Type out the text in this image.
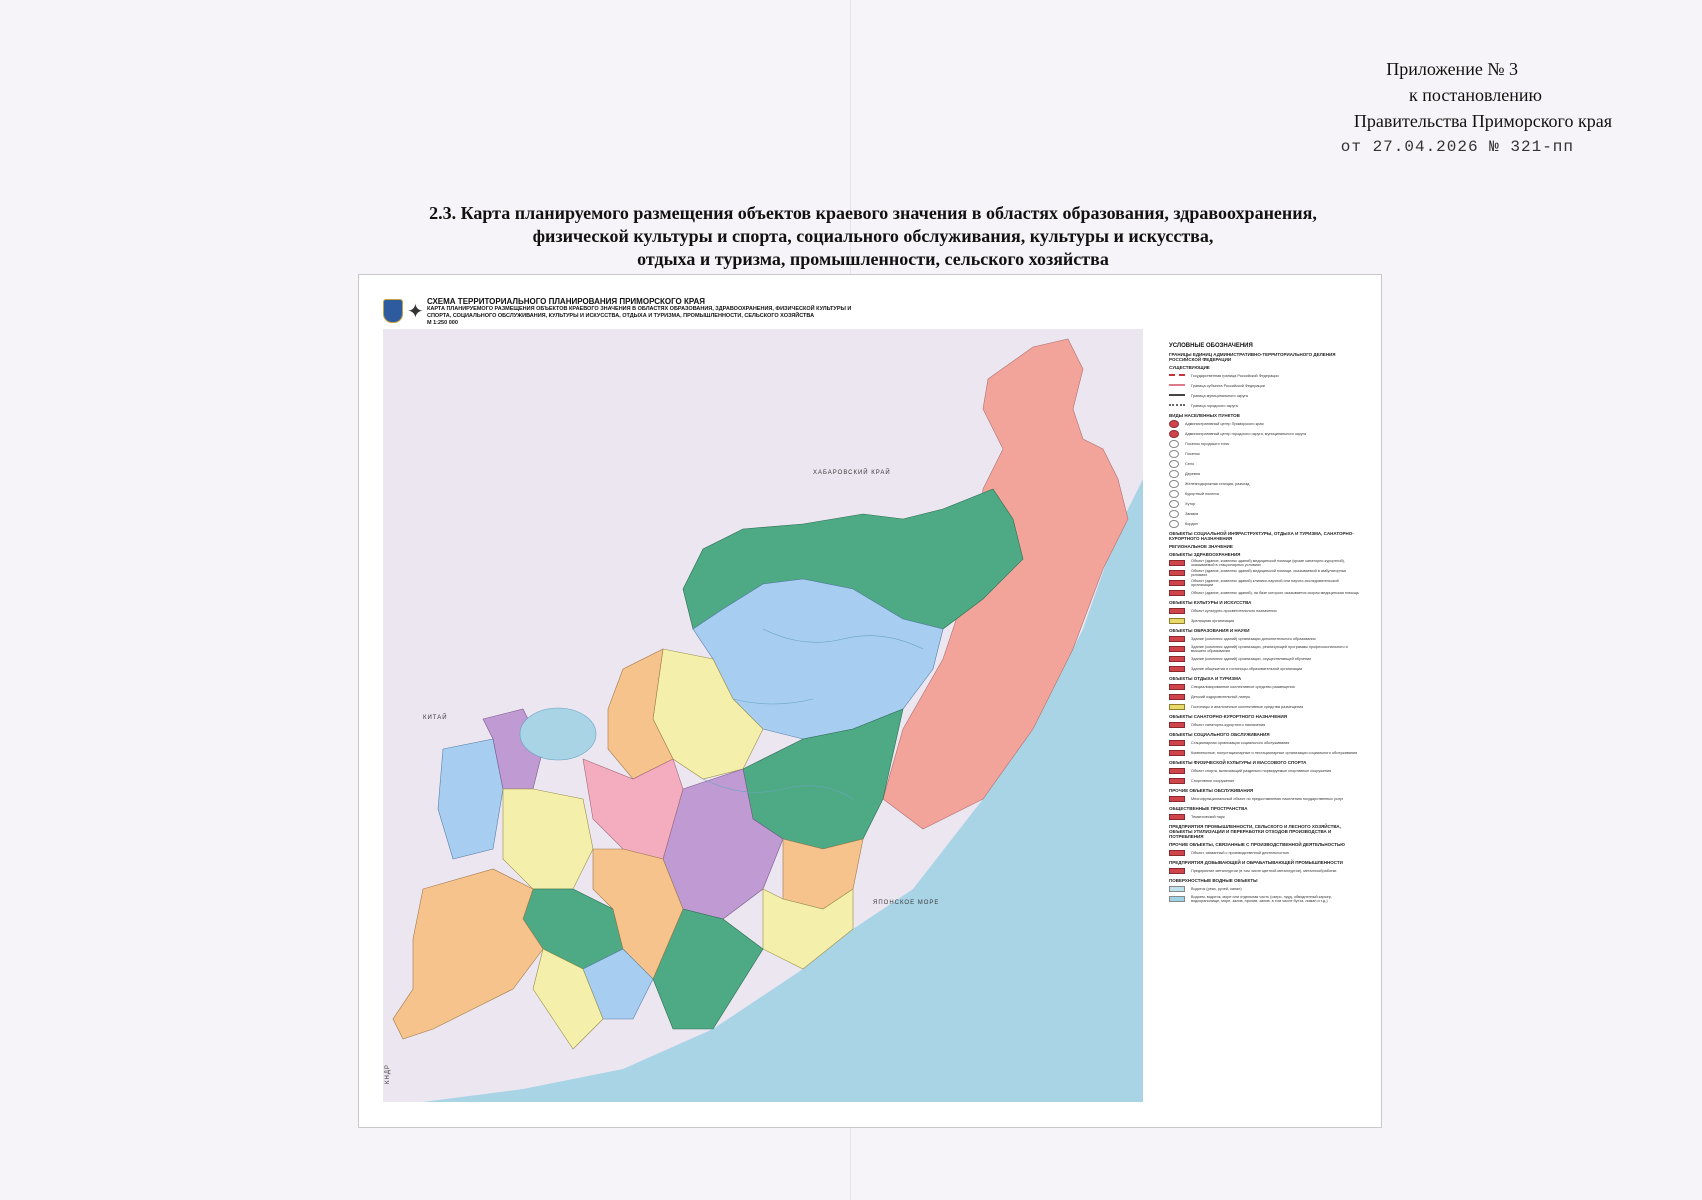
Приложение № 3
к постановлению
Правительства Приморского края
от 27.04.2026 № 321-пп
2.3. Карта планируемого размещения объектов краевого значения в областях образования, здравоохранения,
физической культуры и спорта, социального обслуживания, культуры и искусства,
отдыха и туризма, промышленности, сельского хозяйства
✦ СХЕМА ТЕРРИТОРИАЛЬНОГО ПЛАНИРОВАНИЯ ПРИМОРСКОГО КРАЯ
КАРТА ПЛАНИРУЕМОГО РАЗМЕЩЕНИЯ ОБЪЕКТОВ КРАЕВОГО ЗНАЧЕНИЯ В ОБЛАСТЯХ ОБРАЗОВАНИЯ, ЗДРАВООХРАНЕНИЯ, ФИЗИЧЕСКОЙ КУЛЬТУРЫ И СПОРТА, СОЦИАЛЬНОГО ОБСЛУЖИВАНИЯ, КУЛЬТУРЫ И ИСКУССТВА, ОТДЫХА И ТУРИЗМА, ПРОМЫШЛЕННОСТИ, СЕЛЬСКОГО ХОЗЯЙСТВА
М 1:250 000
ХАБАРОВСКИЙ КРАЙ
КИТАЙ
ЯПОНСКОЕ МОРЕ
КНДР
УСЛОВНЫЕ ОБОЗНАЧЕНИЯ
ГРАНИЦЫ ЕДИНИЦ АДМИНИСТРАТИВНО-ТЕРРИТОРИАЛЬНОГО ДЕЛЕНИЯ РОССИЙСКОЙ ФЕДЕРАЦИИ
СУЩЕСТВУЮЩИЕ
Государственная граница Российской Федерации
Граница субъекта Российской Федерации
Граница муниципального округа
Граница городского округа
ВИДЫ НАСЕЛЕННЫХ ПУНКТОВ
Административный центр Приморского края
Административный центр городского округа, муниципального округа
Поселок городского типа
Поселок
Село
Деревня
Железнодорожная станция, разъезд
Курортный поселок
Хутор
Заимка
Кордон
ОБЪЕКТЫ СОЦИАЛЬНОЙ ИНФРАСТРУКТУРЫ, ОТДЫХА И ТУРИЗМА, САНАТОРНО-КУРОРТНОГО НАЗНАЧЕНИЯ
РЕГИОНАЛЬНОЕ ЗНАЧЕНИЕ
ОБЪЕКТЫ ЗДРАВООХРАНЕНИЯ
Объект (здание, комплекс зданий) медицинской помощи (кроме санаторно-курортной), оказываемой в стационарных условиях
Объект (здание, комплекс зданий) медицинской помощи, оказываемой в амбулаторных условиях
Объект (здание, комплекс зданий) клинико-научной или научно-исследовательской организации
Объект (здание, комплекс зданий), на базе которого оказывается скорая медицинская помощь
ОБЪЕКТЫ КУЛЬТУРЫ И ИСКУССТВА
Объект культурно-просветительного назначения
Зрелищная организация
ОБЪЕКТЫ ОБРАЗОВАНИЯ И НАУКИ
Здание (комплекс зданий) организации дополнительного образования
Здание (комплекс зданий) организации, реализующей программы профессионального и высшего образования
Здание (комплекс зданий) организации, осуществляющей обучение
Здание общежития и гостиницы образовательной организации
ОБЪЕКТЫ ОТДЫХА И ТУРИЗМА
Специализированное коллективное средство размещения
Детский оздоровительный лагерь
Гостиницы и аналогичные коллективные средства размещения
ОБЪЕКТЫ САНАТОРНО-КУРОРТНОГО НАЗНАЧЕНИЯ
Объект санаторно-курортного назначения
ОБЪЕКТЫ СОЦИАЛЬНОГО ОБСЛУЖИВАНИЯ
Стационарная организация социального обслуживания
Комплексные, полустационарные и нестационарные организации социального обслуживания
ОБЪЕКТЫ ФИЗИЧЕСКОЙ КУЛЬТУРЫ И МАССОВОГО СПОРТА
Объект спорта, включающий раздельно нормируемые спортивные сооружения
Спортивное сооружение
ПРОЧИЕ ОБЪЕКТЫ ОБСЛУЖИВАНИЯ
Многофункциональный объект по предоставлению населению государственных услуг
ОБЩЕСТВЕННЫЕ ПРОСТРАНСТВА
Тематический парк
ПРЕДПРИЯТИЯ ПРОМЫШЛЕННОСТИ, СЕЛЬСКОГО И ЛЕСНОГО ХОЗЯЙСТВА, ОБЪЕКТЫ УТИЛИЗАЦИИ И ПЕРЕРАБОТКИ ОТХОДОВ ПРОИЗВОДСТВА И ПОТРЕБЛЕНИЯ
ПРОЧИЕ ОБЪЕКТЫ, СВЯЗАННЫЕ С ПРОИЗВОДСТВЕННОЙ ДЕЯТЕЛЬНОСТЬЮ
Объект, связанный с производственной деятельностью
ПРЕДПРИЯТИЯ ДОБЫВАЮЩЕЙ И ОБРАБАТЫВАЮЩЕЙ ПРОМЫШЛЕННОСТИ
Предприятие металлургии (в том числе цветной металлургии), металлообработки
ПОВЕРХНОСТНЫЕ ВОДНЫЕ ОБЪЕКТЫ
Водоток (река, ручей, канал)
Водоем, водоток, море или отдельная часть (озеро, пруд, обводненный карьер, водохранилище, море, залив, пролив, залив, в том числе бухта, лиман и т.д.)
